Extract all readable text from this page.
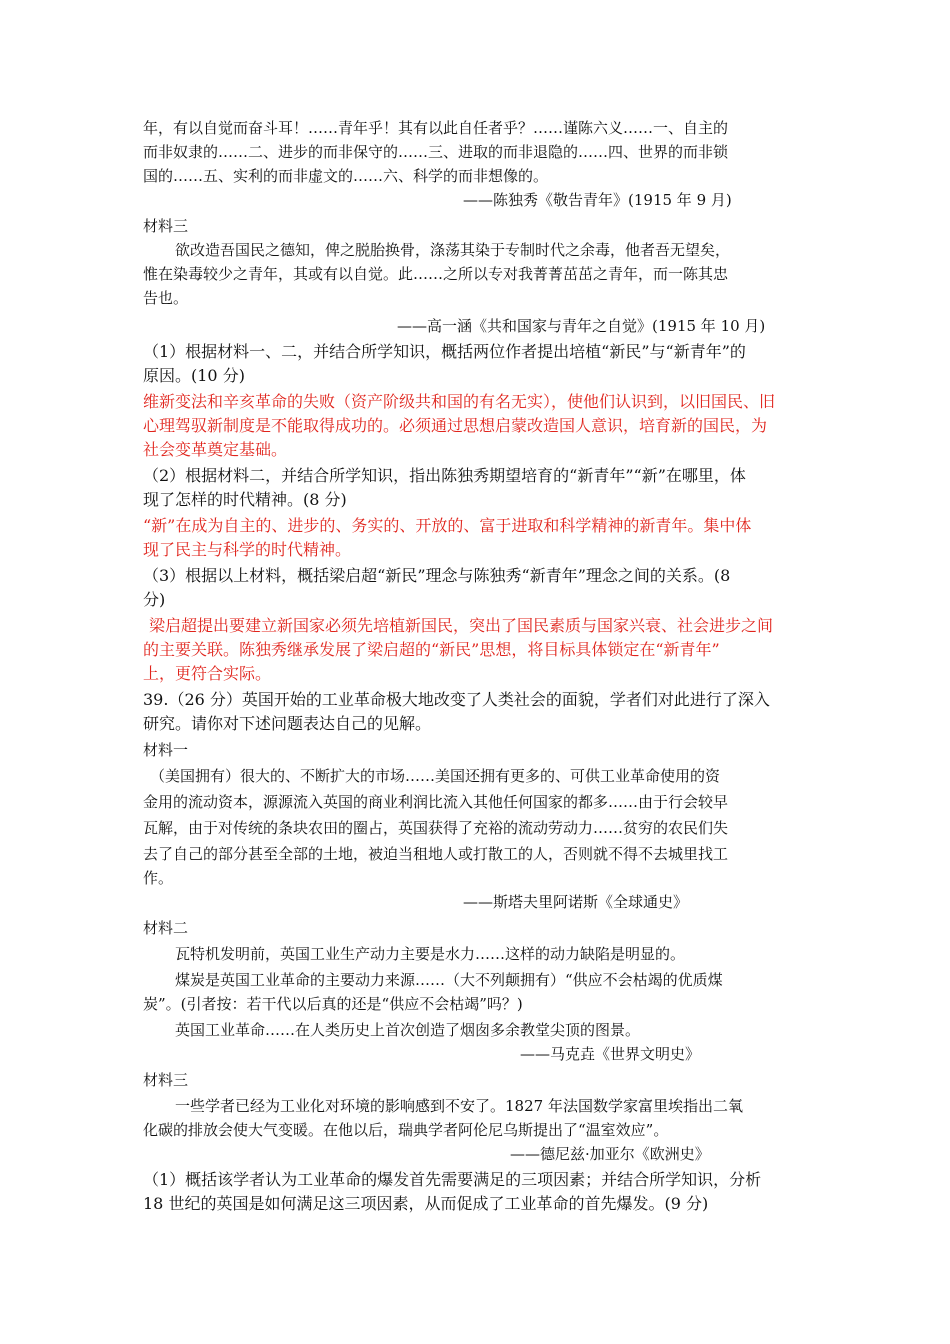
年，有以自觉而奋斗耳！……青年乎！其有以此自任者乎？……谨陈六义……一、自主的
而非奴隶的……二、进步的而非保守的……三、进取的而非退隐的……四、世界的而非锁
国的……五、实利的而非虚文的……六、科学的而非想像的。
——陈独秀《敬告青年》(1915 年 9 月)
材料三
欲改造吾国民之德知，俾之脱胎换骨，涤荡其染于专制时代之余毒，他者吾无望矣，
惟在染毒较少之青年，其或有以自觉。此……之所以专对我菁菁茁茁之青年，而一陈其忠
告也。
——高一涵《共和国家与青年之自觉》(1915 年 10 月)
（1）根据材料一、二，并结合所学知识，概括两位作者提出培植“新民”与“新青年”的
原因。(10 分)
维新变法和辛亥革命的失败（资产阶级共和国的有名无实），使他们认识到，以旧国民、旧
心理驾驭新制度是不能取得成功的。必须通过思想启蒙改造国人意识，培育新的国民，为
社会变革奠定基础。
（2）根据材料二，并结合所学知识，指出陈独秀期望培育的“新青年”“新”在哪里，体
现了怎样的时代精神。(8 分)
“新”在成为自主的、进步的、务实的、开放的、富于进取和科学精神的新青年。集中体
现了民主与科学的时代精神。
（3）根据以上材料，概括梁启超“新民”理念与陈独秀“新青年”理念之间的关系。(8
分)
梁启超提出要建立新国家必须先培植新国民，突出了国民素质与国家兴衰、社会进步之间
的主要关联。陈独秀继承发展了梁启超的“新民”思想，将目标具体锁定在“新青年”
上，更符合实际。
39.（26 分）英国开始的工业革命极大地改变了人类社会的面貌，学者们对此进行了深入
研究。请你对下述问题表达自己的见解。
材料一
（美国拥有）很大的、不断扩大的市场……美国还拥有更多的、可供工业革命使用的资
金用的流动资本，源源流入英国的商业利润比流入其他任何国家的都多……由于行会较早
瓦解，由于对传统的条块农田的圈占，英国获得了充裕的流动劳动力……贫穷的农民们失
去了自己的部分甚至全部的土地，被迫当租地人或打散工的人，否则就不得不去城里找工
作。
——斯塔夫里阿诺斯《全球通史》
材料二
瓦特机发明前，英国工业生产动力主要是水力……这样的动力缺陷是明显的。
煤炭是英国工业革命的主要动力来源……（大不列颠拥有）“供应不会枯竭的优质煤
炭”。(引者按：若干代以后真的还是“供应不会枯竭”吗？)
英国工业革命……在人类历史上首次创造了烟囱多余教堂尖顶的图景。
——马克垚《世界文明史》
材料三
一些学者已经为工业化对环境的影响感到不安了。1827 年法国数学家富里埃指出二氧
化碳的排放会使大气变暖。在他以后，瑞典学者阿伦尼乌斯提出了“温室效应”。
——德尼兹·加亚尔《欧洲史》
（1）概括该学者认为工业革命的爆发首先需要满足的三项因素；并结合所学知识，分析
18 世纪的英国是如何满足这三项因素，从而促成了工业革命的首先爆发。(9 分)
